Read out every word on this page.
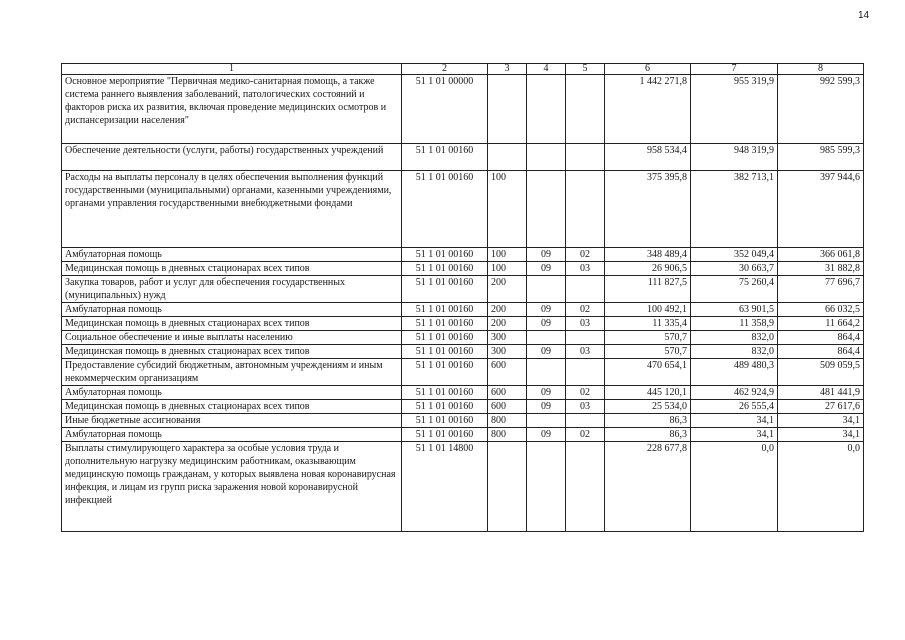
14
1	2	3	4	5	6	7	8
Основное мероприятие "Первичная медико-санитарная помощь, а также система раннего выявления заболеваний, патологических состояний и факторов риска их развития, включая проведение медицинских осмотров и диспансеризации населения"	51 1 01 00000				1 442 271,8	955 319,9	992 599,3
Обеспечение деятельности (услуги, работы) государственных учреждений	51 1 01 00160				958 534,4	948 319,9	985 599,3
Расходы на выплаты персоналу в целях обеспечения выполнения функций государственными (муниципальными) органами, казенными учреждениями, органами управления государственными внебюджетными фондами	51 1 01 00160	100			375 395,8	382 713,1	397 944,6
Амбулаторная помощь	51 1 01 00160	100	09	02	348 489,4	352 049,4	366 061,8
Медицинская помощь в дневных стационарах всех типов	51 1 01 00160	100	09	03	26 906,5	30 663,7	31 882,8
Закупка товаров, работ и услуг для обеспечения государственных (муниципальных) нужд	51 1 01 00160	200			111 827,5	75 260,4	77 696,7
Амбулаторная помощь	51 1 01 00160	200	09	02	100 492,1	63 901,5	66 032,5
Медицинская помощь в дневных стационарах всех типов	51 1 01 00160	200	09	03	11 335,4	11 358,9	11 664,2
Социальное обеспечение и иные выплаты населению	51 1 01 00160	300			570,7	832,0	864,4
Медицинская помощь в дневных стационарах всех типов	51 1 01 00160	300	09	03	570,7	832,0	864,4
Предоставление субсидий бюджетным, автономным учреждениям и иным некоммерческим организациям	51 1 01 00160	600			470 654,1	489 480,3	509 059,5
Амбулаторная помощь	51 1 01 00160	600	09	02	445 120,1	462 924,9	481 441,9
Медицинская помощь в дневных стационарах всех типов	51 1 01 00160	600	09	03	25 534,0	26 555,4	27 617,6
Иные бюджетные ассигнования	51 1 01 00160	800			86,3	34,1	34,1
Амбулаторная помощь	51 1 01 00160	800	09	02	86,3	34,1	34,1
Выплаты стимулирующего характера за особые условия труда и дополнительную нагрузку медицинским работникам, оказывающим медицинскую помощь гражданам, у которых выявлена новая коронавирусная инфекция, и лицам из групп риска заражения новой коронавирусной инфекцией	51 1 01 14800				228 677,8	0,0	0,0
